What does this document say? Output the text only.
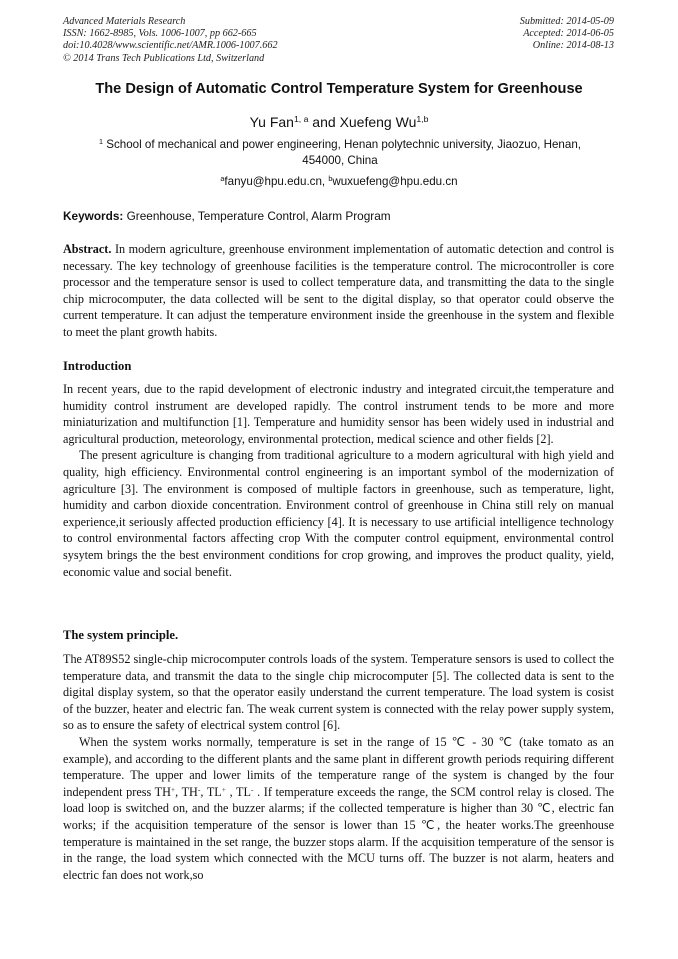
Advanced Materials Research
ISSN: 1662-8985, Vols. 1006-1007, pp 662-665
doi:10.4028/www.scientific.net/AMR.1006-1007.662
© 2014 Trans Tech Publications Ltd, Switzerland
Submitted: 2014-05-09
Accepted: 2014-06-05
Online: 2014-08-13
The Design of Automatic Control Temperature System for Greenhouse
Yu Fan$^{1, a}$ and Xuefeng Wu$^{1,b}$
$^1$ School of mechanical and power engineering, Henan polytechnic university, Jiaozuo, Henan, 454000, China
$^a$fanyu@hpu.edu.cn, $^b$wuxuefeng@hpu.edu.cn
Keywords: Greenhouse, Temperature Control, Alarm Program

Abstract. In modern agriculture, greenhouse environment implementation of automatic detection and control is necessary. The key technology of greenhouse facilities is the temperature control. The microcontroller is core processor and the temperature sensor is used to collect temperature data, and transmitting the data to the single chip microcomputer, the data collected will be sent to the digital display, so that operator could observe the current temperature. It can adjust the temperature environment inside the greenhouse in the system and flexible to meet the plant growth habits.

Introduction

In recent years, due to the rapid development of electronic industry and integrated circuit,the temperature and humidity control instrument are developed rapidly. The control instrument tends to be more and more miniaturization and multifunction [1]. Temperature and humidity sensor has been widely used in industrial and agricultural production, meteorology, environmental protection, medical science and other fields [2].

The present agriculture is changing from traditional agriculture to a modern agricultural with high yield and quality, high efficiency. Environmental control engineering is an important symbol of the modernization of agriculture [3]. The environment is composed of multiple factors in greenhouse, such as temperature, light, humidity and carbon dioxide concentration. Environment control of greenhouse in China still rely on manual experience,it seriously affected production efficiency [4]. It is necessary to use artificial intelligence technology to control environmental factors affecting crop With the computer control equipment, environmental control sysytem brings the the best environment conditions for crop growing, and improves the product quality, yield, economic value and social benefit.

The system principle.

The AT89S52 single-chip microcomputer controls loads of the system. Temperature sensors is used to collect the temperature data, and transmit the data to the single chip microcomputer [5]. The collected data is sent to the digital display system, so that the operator easily understand the current temperature. The load system is cosist of the buzzer, heater and electric fan. The weak current system is connected with the relay power supply system, so as to ensure the safety of electrical system control [6].

When the system works normally, temperature is set in the range of 15 ℃ - 30 ℃ (take tomato as an example), and according to the different plants and the same plant in different growth periods requiring different temperature. The upper and lower limits of the temperature range of the system is changed by the four independent press TH+, TH-, TL+ , TL- . If temperature exceeds the range, the SCM control relay is closed. The load loop is switched on, and the buzzer alarms; if the collected temperature is higher than 30 ℃, electric fan works; if the acquisition temperature of the sensor is lower than 15 ℃, the heater works.The greenhouse temperature is maintained in the set range, the buzzer stops alarm. If the acquisition temperature of the sensor is in the range, the load system which connected with the MCU turns off. The buzzer is not alarm, heaters and electric fan does not work,so
